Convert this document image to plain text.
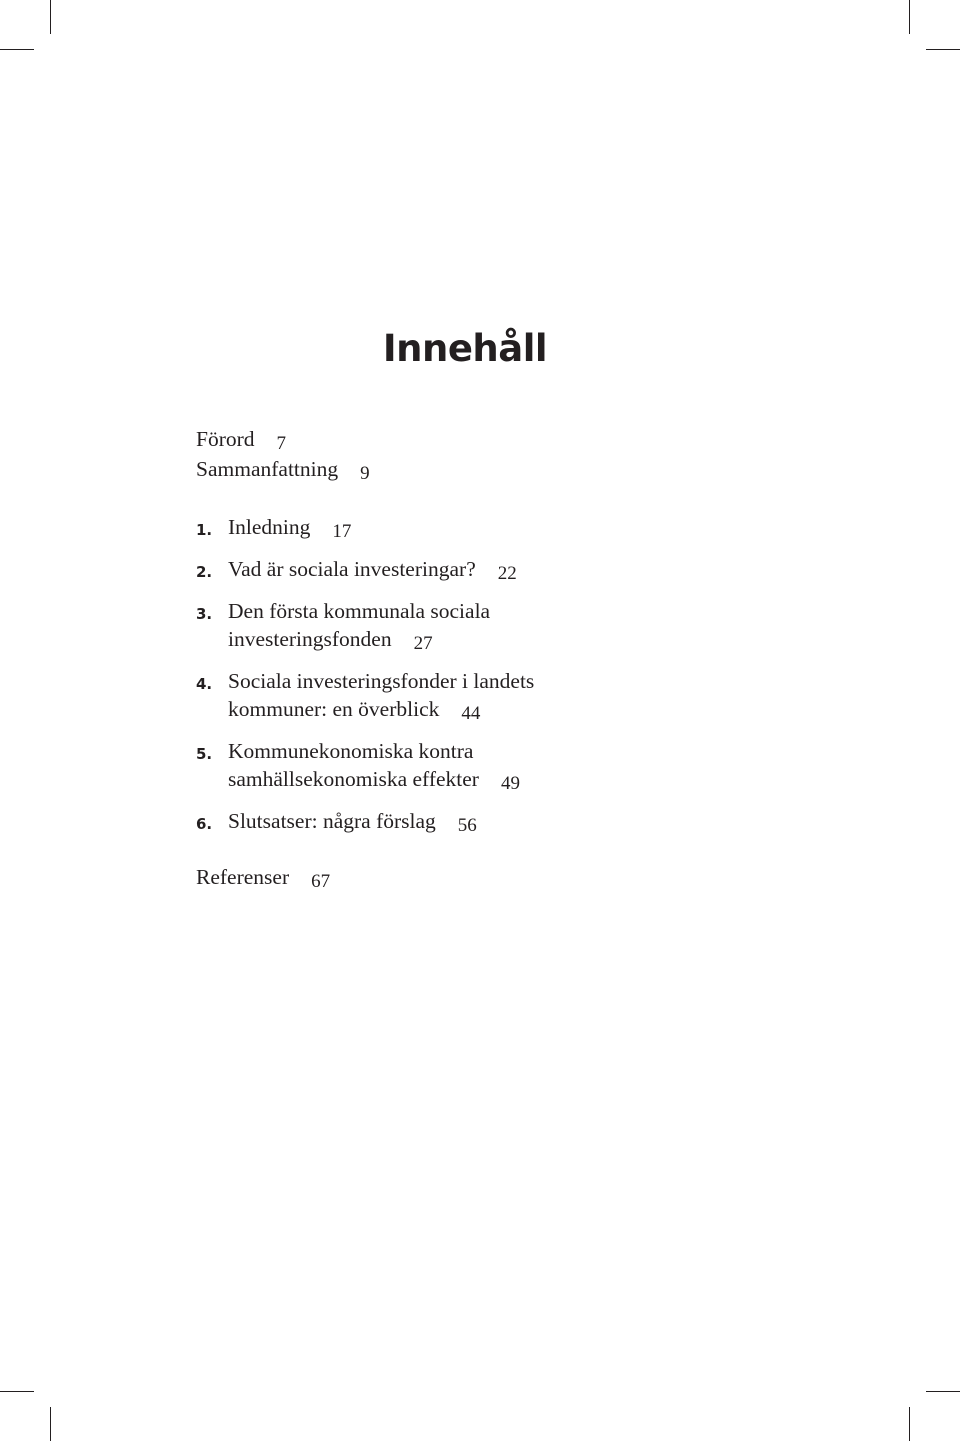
Innehåll
Förord 7
Sammanfattning 9
1. Inledning 17
2. Vad är sociala investeringar? 22
3. Den första kommunala sociala
investeringsfonden 27
4. Sociala investeringsfonder i landets
kommuner: en överblick 44
5. Kommunekonomiska kontra
samhällsekonomiska effekter 49
6. Slutsatser: några förslag 56
Referenser 67
